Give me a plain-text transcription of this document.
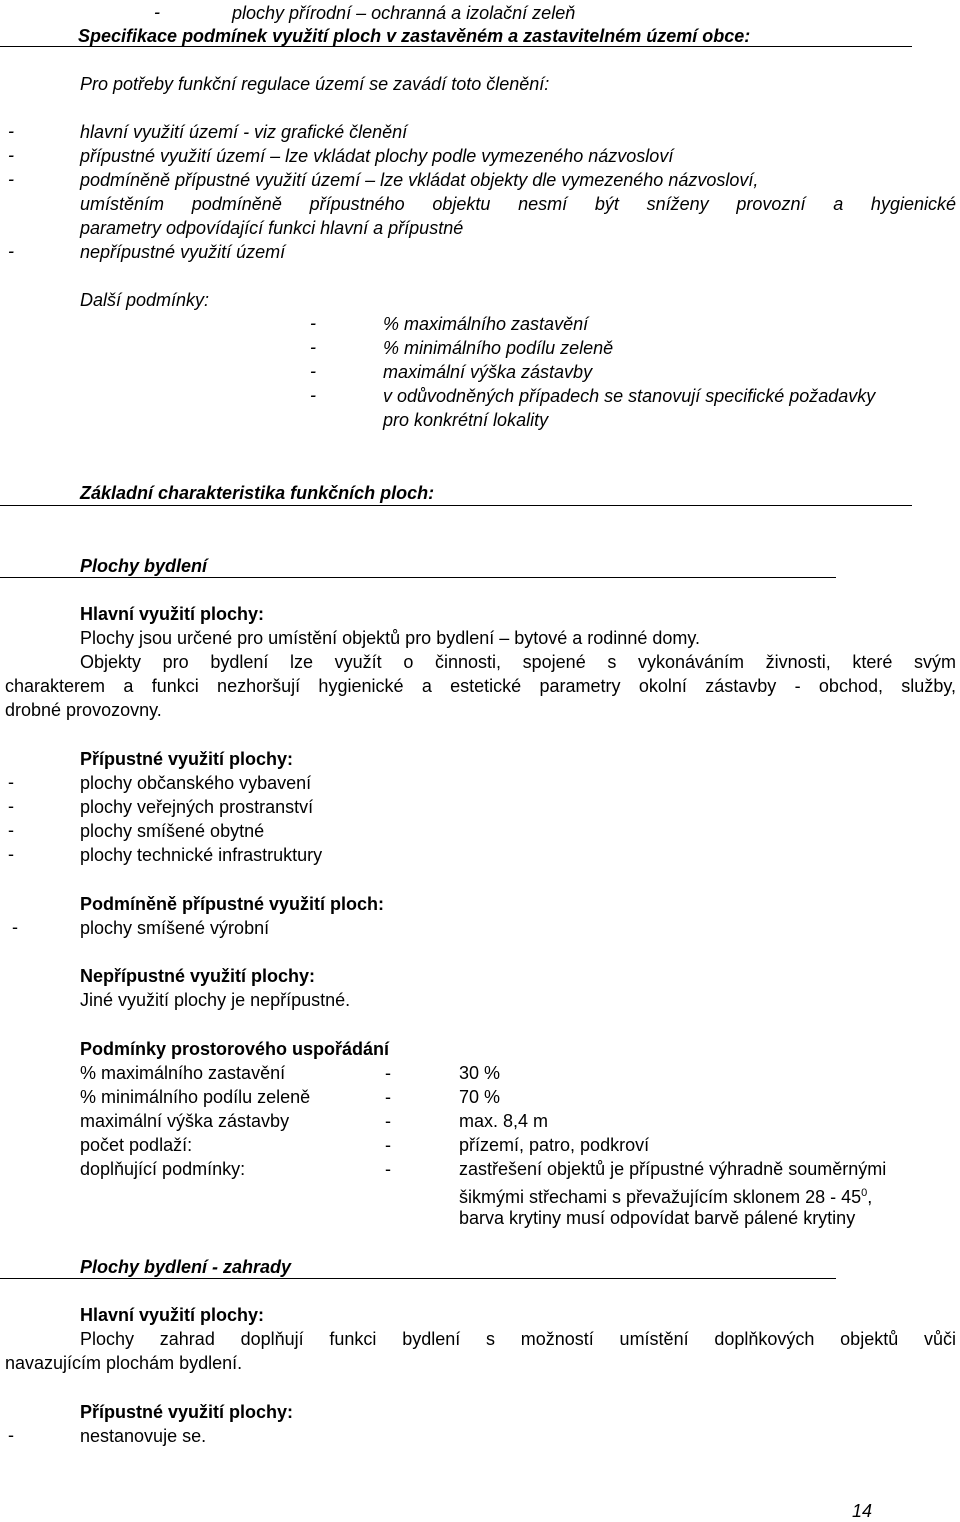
-	plochy přírodní – ochranná a izolační zeleň
Specifikace podmínek využití ploch v zastavěném a zastavitelném území obce:
Pro potřeby funkční regulace území se zavádí toto členění:
-	hlavní využití území - viz grafické členění
-	přípustné využití území – lze vkládat plochy podle vymezeného názvosloví
-	podmíněně přípustné využití území – lze vkládat objekty dle vymezeného názvosloví,
umístěním podmíněně přípustného objektu nesmí být sníženy provozní a hygienické
parametry odpovídající funkci hlavní a přípustné
-	nepřípustné využití území
Další podmínky:
-	% maximálního zastavění
-	% minimálního podílu zeleně
-	maximální výška zástavby
-	v odůvodněných případech se stanovují specifické požadavky
pro konkrétní lokality
Základní charakteristika funkčních ploch:
Plochy bydlení
Hlavní využití plochy:
Plochy jsou určené pro umístění objektů pro bydlení – bytové a rodinné domy.
Objekty pro bydlení lze využít o činnosti, spojené s vykonáváním živnosti, které svým
charakterem a funkci nezhoršují hygienické a estetické parametry okolní zástavby - obchod, služby,
drobné provozovny.
Přípustné využití plochy:
-	plochy občanského vybavení
-	plochy veřejných prostranství
-	plochy smíšené obytné
-	plochy technické infrastruktury
Podmíněně přípustné využití ploch:
-	plochy smíšené výrobní
Nepřípustné využití plochy:
Jiné využití plochy je nepřípustné.
Podmínky prostorového uspořádání
% maximálního zastavění	-	30 %
% minimálního podílu zeleně	-	70 %
maximální výška zástavby	-	max. 8,4 m
počet podlaží:	-	přízemí, patro, podkroví
doplňující podmínky:	-	zastřešení objektů je přípustné výhradně souměrnými
šikmými střechami s převažujícím sklonem $28 - 45^0$,
barva krytiny musí odpovídat barvě pálené krytiny
Plochy bydlení - zahrady
Hlavní využití plochy:
Plochy zahrad doplňují funkci bydlení s možností umístění doplňkových objektů vůči
navazujícím plochám bydlení.
Přípustné využití plochy:
-	nestanovuje se.
14
